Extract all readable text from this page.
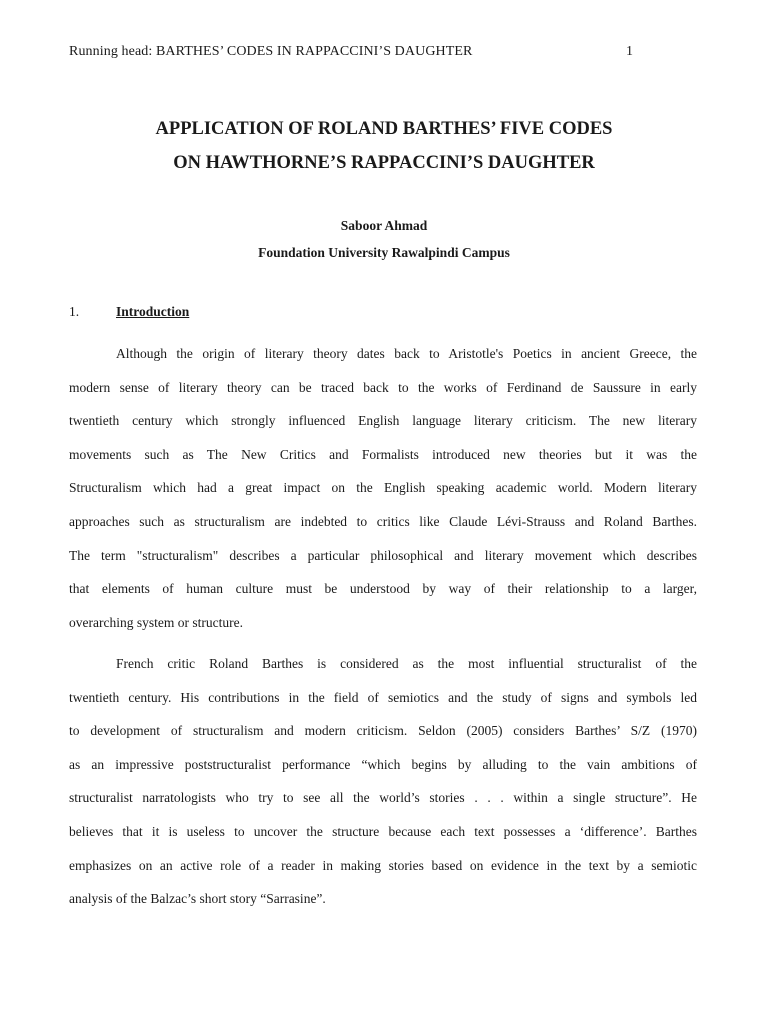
Running head: BARTHES’ CODES IN RAPPACCINI’S DAUGHTER	1
APPLICATION OF ROLAND BARTHES’ FIVE CODES
ON HAWTHORNE’S RAPPACCINI’S DAUGHTER
Saboor Ahmad
Foundation University Rawalpindi Campus
1.	Introduction
Although the origin of literary theory dates back to Aristotle's Poetics in ancient Greece, the
modern sense of literary theory can be traced back to the works of Ferdinand de Saussure in early
twentieth century which strongly influenced English language literary criticism. The new literary
movements such as The New Critics and Formalists introduced new theories but it was the
Structuralism which had a great impact on the English speaking academic world. Modern literary
approaches such as structuralism are indebted to critics like Claude Lévi-Strauss and Roland Barthes.
The term "structuralism" describes a particular philosophical and literary movement which describes
that elements of human culture must be understood by way of their relationship to a larger,
overarching system or structure.
French critic Roland Barthes is considered as the most influential structuralist of the
twentieth century. His contributions in the field of semiotics and the study of signs and symbols led
to development of structuralism and modern criticism. Seldon (2005) considers Barthes’ S/Z (1970)
as an impressive poststructuralist performance “which begins by alluding to the vain ambitions of
structuralist narratologists who try to see all the world’s stories . . . within a single structure”. He
believes that it is useless to uncover the structure because each text possesses a ‘difference’. Barthes
emphasizes on an active role of a reader in making stories based on evidence in the text by a semiotic
analysis of the Balzac’s short story “Sarrasine”.
